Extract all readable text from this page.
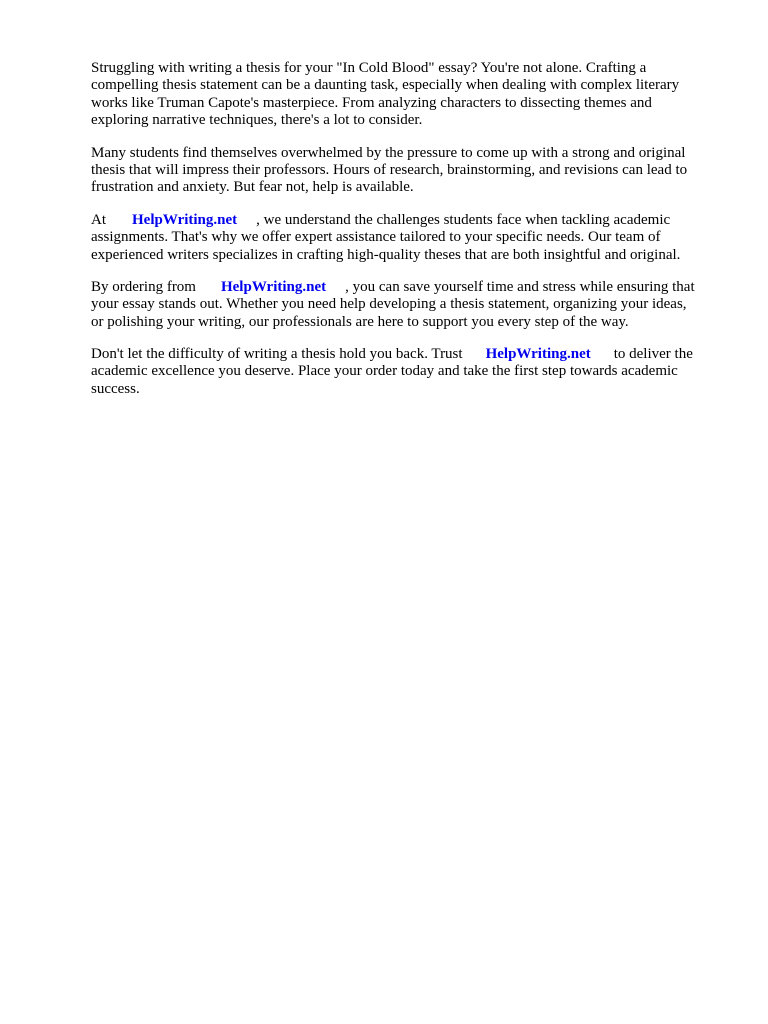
Struggling with writing a thesis for your "In Cold Blood" essay? You're not alone. Crafting a
compelling thesis statement can be a daunting task, especially when dealing with complex literary
works like Truman Capote's masterpiece. From analyzing characters to dissecting themes and
exploring narrative techniques, there's a lot to consider.

Many students find themselves overwhelmed by the pressure to come up with a strong and original
thesis that will impress their professors. Hours of research, brainstorming, and revisions can lead to
frustration and anxiety. But fear not, help is available.

At HelpWriting.net , we understand the challenges students face when tackling academic
assignments. That's why we offer expert assistance tailored to your specific needs. Our team of
experienced writers specializes in crafting high-quality theses that are both insightful and original.

By ordering from HelpWriting.net , you can save yourself time and stress while ensuring that
your essay stands out. Whether you need help developing a thesis statement, organizing your ideas,
or polishing your writing, our professionals are here to support you every step of the way.

Don't let the difficulty of writing a thesis hold you back. Trust HelpWriting.net to deliver the
academic excellence you deserve. Place your order today and take the first step towards academic
success.
